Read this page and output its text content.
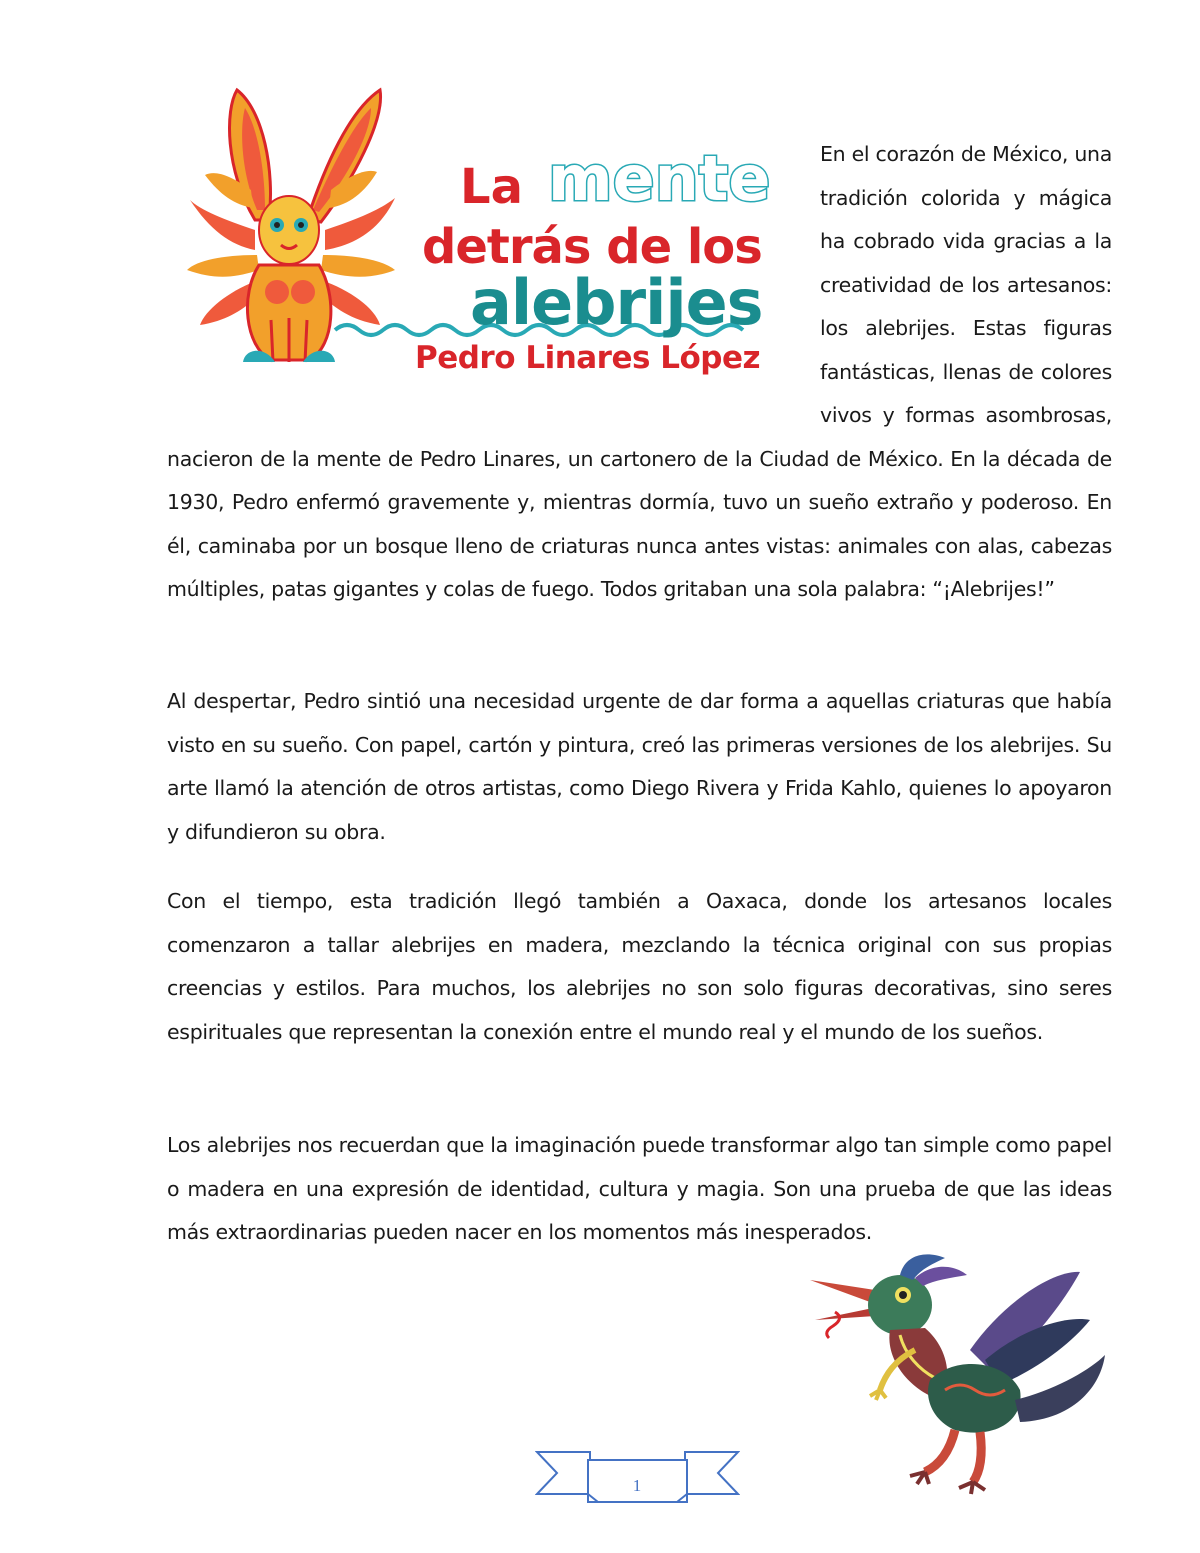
La mente
detrás de los
alebrijes
Pedro Linares López

En el corazón de México, una tradición colorida y mágica ha cobrado vida gracias a la creatividad de los artesanos: los alebrijes. Estas figuras fantásticas, llenas de colores vivos y formas asombrosas, nacieron de la mente de Pedro Linares, un cartonero de la Ciudad de México. En la década de 1930, Pedro enfermó gravemente y, mientras dormía, tuvo un sueño extraño y poderoso. En él, caminaba por un bosque lleno de criaturas nunca antes vistas: animales con alas, cabezas múltiples, patas gigantes y colas de fuego. Todos gritaban una sola palabra: “¡Alebrijes!”

Al despertar, Pedro sintió una necesidad urgente de dar forma a aquellas criaturas que había visto en su sueño. Con papel, cartón y pintura, creó las primeras versiones de los alebrijes. Su arte llamó la atención de otros artistas, como Diego Rivera y Frida Kahlo, quienes lo apoyaron y difundieron su obra.

Con el tiempo, esta tradición llegó también a Oaxaca, donde los artesanos locales comenzaron a tallar alebrijes en madera, mezclando la técnica original con sus propias creencias y estilos. Para muchos, los alebrijes no son solo figuras decorativas, sino seres espirituales que representan la conexión entre el mundo real y el mundo de los sueños.

Los alebrijes nos recuerdan que la imaginación puede transformar algo tan simple como papel o madera en una expresión de identidad, cultura y magia. Son una prueba de que las ideas más extraordinarias pueden nacer en los momentos más inesperados.

1
